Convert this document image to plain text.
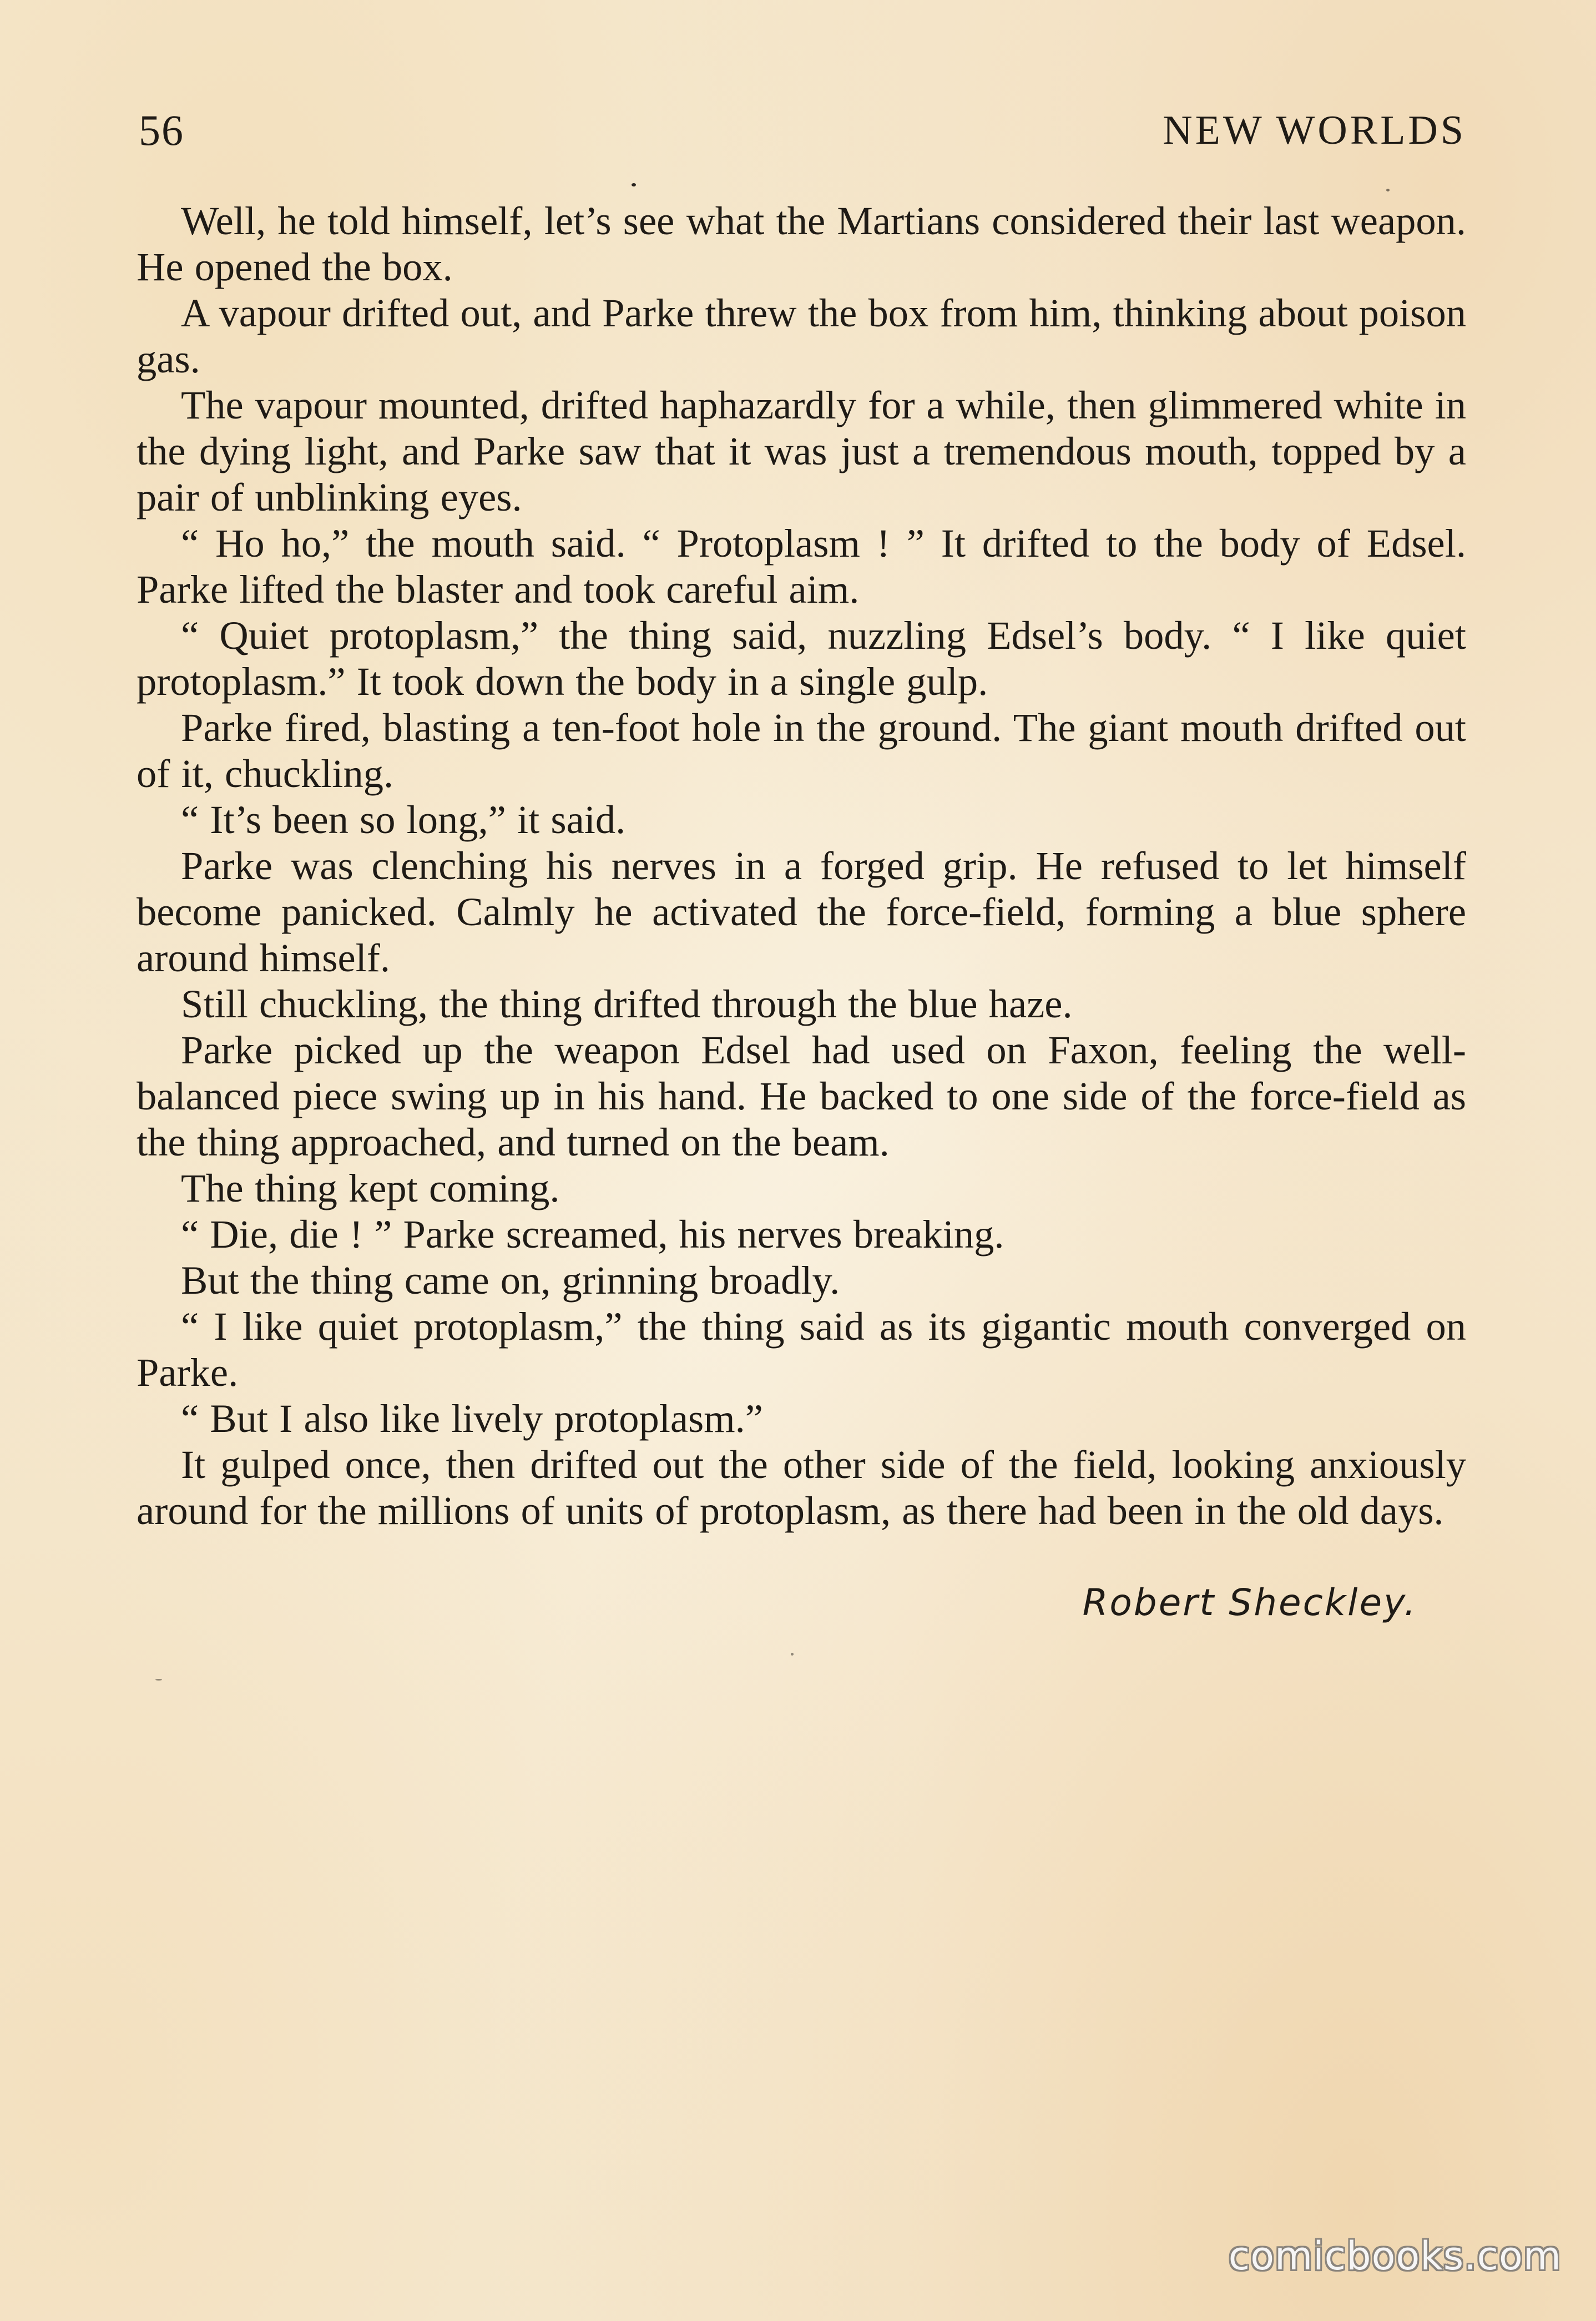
56	NEW WORLDS

Well, he told himself, let’s see what the Martians considered their last weapon. He opened the box.

A vapour drifted out, and Parke threw the box from him, thinking about poison gas.

The vapour mounted, drifted haphazardly for a while, then glimmered white in the dying light, and Parke saw that it was just a tremendous mouth, topped by a pair of unblinking eyes.

“ Ho ho,” the mouth said. “ Protoplasm ! ” It drifted to the body of Edsel. Parke lifted the blaster and took careful aim.

“ Quiet protoplasm,” the thing said, nuzzling Edsel’s body. “ I like quiet protoplasm.” It took down the body in a single gulp.

Parke fired, blasting a ten-foot hole in the ground. The giant mouth drifted out of it, chuckling.

“ It’s been so long,” it said.

Parke was clenching his nerves in a forged grip. He refused to let himself become panicked. Calmly he activated the force-field, forming a blue sphere around himself.

Still chuckling, the thing drifted through the blue haze.

Parke picked up the weapon Edsel had used on Faxon, feeling the well-balanced piece swing up in his hand. He backed to one side of the force-field as the thing approached, and turned on the beam.

The thing kept coming.

“ Die, die ! ” Parke screamed, his nerves breaking.

But the thing came on, grinning broadly.

“ I like quiet protoplasm,” the thing said as its gigantic mouth converged on Parke.

“ But I also like lively protoplasm.”

It gulped once, then drifted out the other side of the field, looking anxiously around for the millions of units of protoplasm, as there had been in the old days.

Robert Sheckley.
comicbooks.com
